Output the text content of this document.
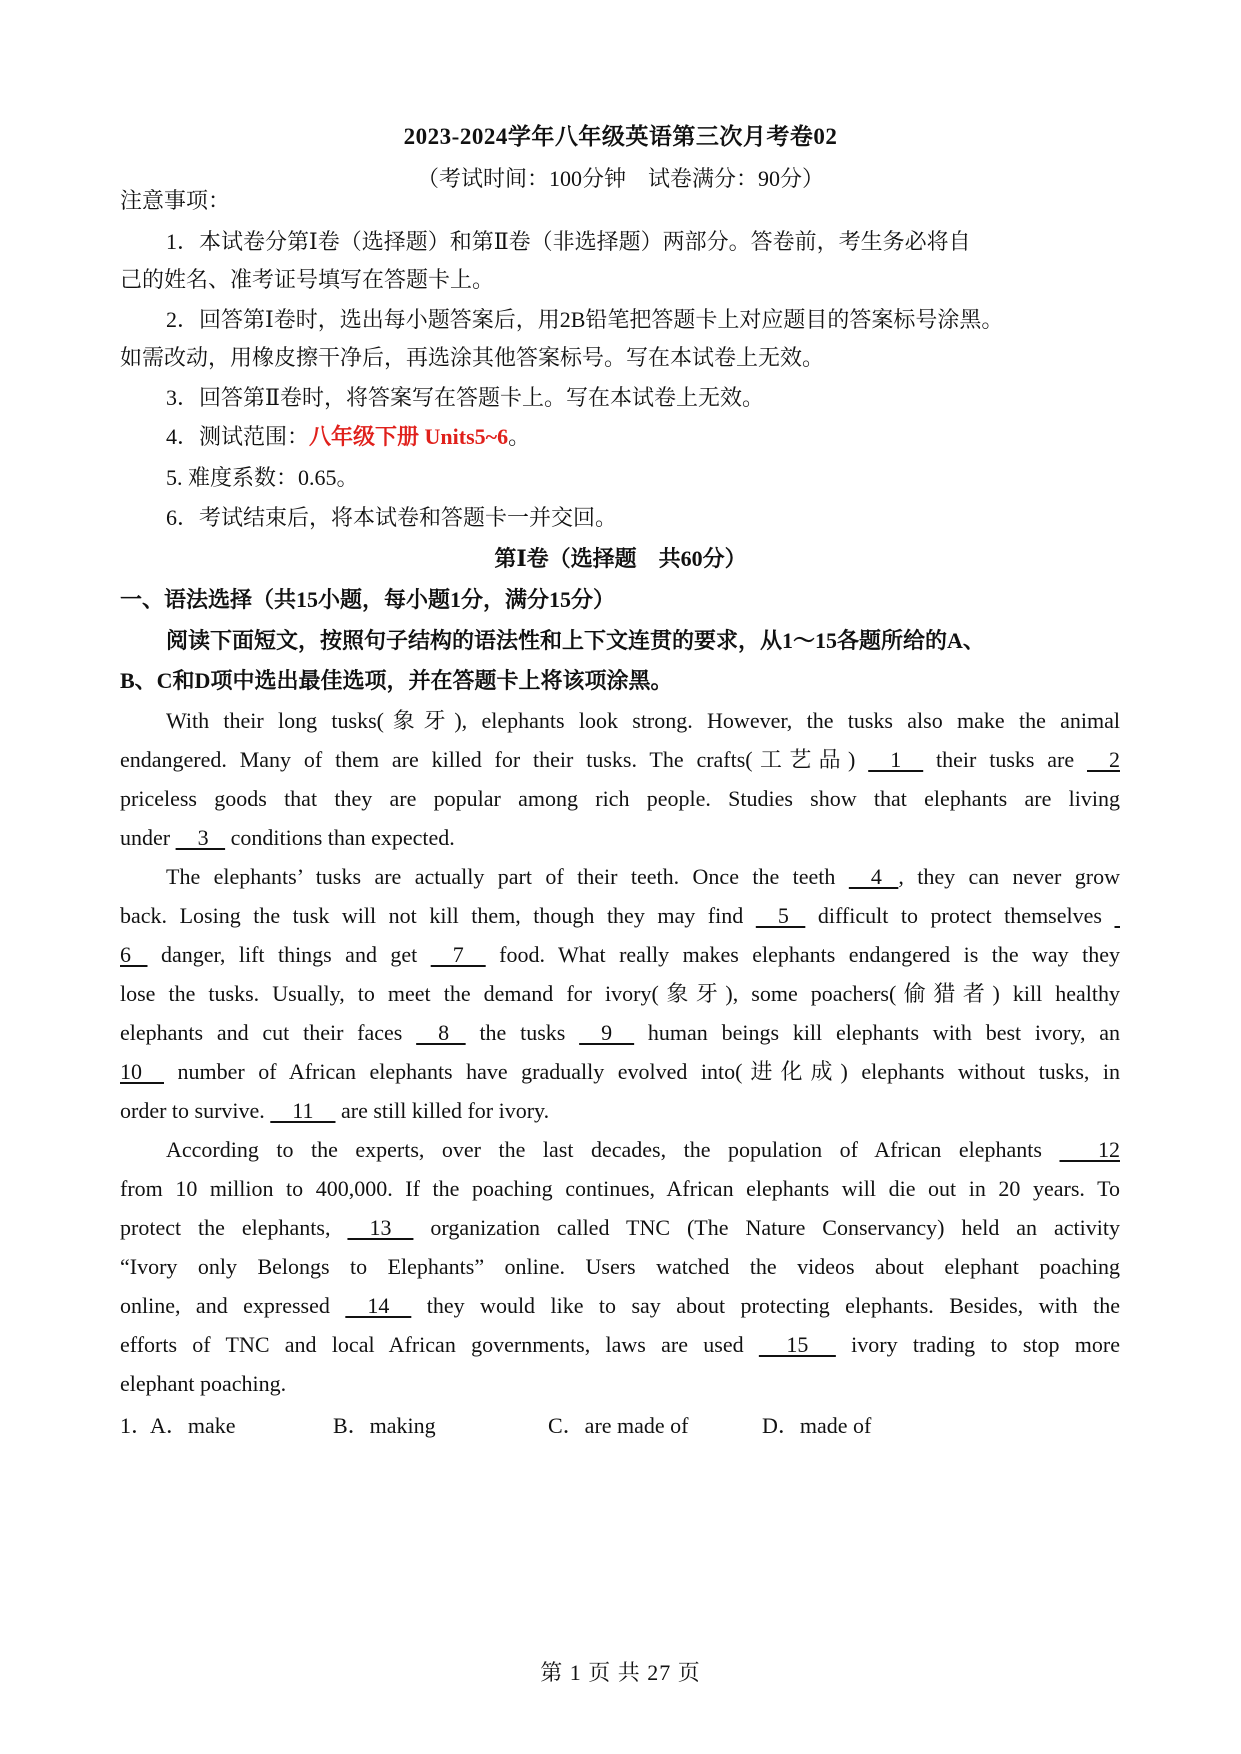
2023-2024学年八年级英语第三次月考卷02
（考试时间：100分钟　试卷满分：90分）
注意事项：
1．本试卷分第Ⅰ卷（选择题）和第Ⅱ卷（非选择题）两部分。答卷前，考生务必将自
己的姓名、准考证号填写在答题卡上。
2．回答第Ⅰ卷时，选出每小题答案后，用2B铅笔把答题卡上对应题目的答案标号涂黑。
如需改动，用橡皮擦干净后，再选涂其他答案标号。写在本试卷上无效。
3．回答第Ⅱ卷时，将答案写在答题卡上。写在本试卷上无效。
4．测试范围：八年级下册 Units5~6。
5. 难度系数：0.65。
6．考试结束后，将本试卷和答题卡一并交回。
第Ⅰ卷（选择题　共60分）
一、语法选择（共15小题，每小题1分，满分15分）
阅读下面短文，按照句子结构的语法性和上下文连贯的要求，从1～15各题所给的A、
B、C和D项中选出最佳选项，并在答题卡上将该项涂黑。
With their long tusks(象牙), elephants look strong. However, the tusks also make the animal
endangered. Many of them are killed for their tusks. The crafts(工艺品)     1     their tusks are     2
priceless goods that they are popular among rich people. Studies show that elephants are living
under     3    conditions than expected.
The elephants’ tusks are actually part of their teeth. Once the teeth     4   , they can never grow
back. Losing the tusk will not kill them, though they may find     5    difficult to protect themselves
6    danger, lift things and get     7     food. What really makes elephants endangered is the way they
lose the tusks. Usually, to meet the demand for ivory(象牙), some poachers(偷猎者) kill healthy
elephants and cut their faces     8    the tusks     9     human beings kill elephants with best ivory, an
10     number of African elephants have gradually evolved into(进化成) elephants without tusks, in
order to survive.     11     are still killed for ivory.
According to the experts, over the last decades, the population of African elephants        12
from 10 million to 400,000. If the poaching continues, African elephants will die out in 20 years. To
protect the elephants,     13     organization called TNC (The Nature Conservancy) held an activity
“Ivory only Belongs to Elephants” online. Users watched the videos about elephant poaching
online, and expressed     14     they would like to say about protecting elephants. Besides, with the
efforts of TNC and local African governments, laws are used      15      ivory trading to stop more
elephant poaching.
1．
A．make	B．making	C．are made of	D．made of
第 1 页 共 27 页
